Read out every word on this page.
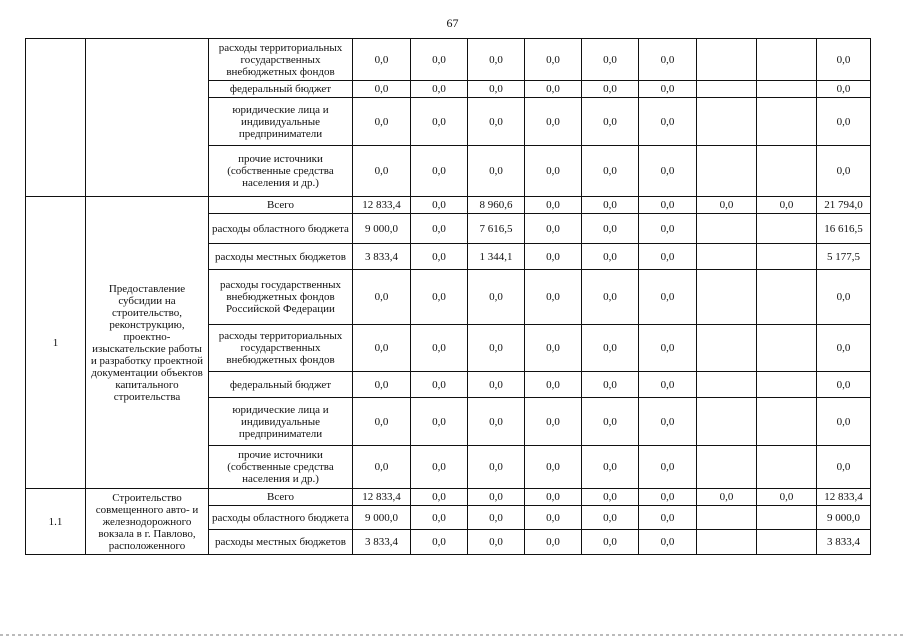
67
		расходы территориальных государственных внебюджетных фондов	0,0	0,0	0,0	0,0	0,0	0,0			0,0
		федеральный бюджет	0,0	0,0	0,0	0,0	0,0	0,0			0,0
		юридические лица и индивидуальные предприниматели	0,0	0,0	0,0	0,0	0,0	0,0			0,0
		прочие источники (собственные средства населения и др.)	0,0	0,0	0,0	0,0	0,0	0,0			0,0
1	Предоставление субсидии на строительство, реконструкцию, проектно-изыскательские работы и разработку проектной документации объектов капитального строительства	Всего	12 833,4	0,0	8 960,6	0,0	0,0	0,0	0,0	0,0	21 794,0
		расходы областного бюджета	9 000,0	0,0	7 616,5	0,0	0,0	0,0			16 616,5
		расходы местных бюджетов	3 833,4	0,0	1 344,1	0,0	0,0	0,0			5 177,5
		расходы государственных внебюджетных фондов Российской Федерации	0,0	0,0	0,0	0,0	0,0	0,0			0,0
		расходы территориальных государственных внебюджетных фондов	0,0	0,0	0,0	0,0	0,0	0,0			0,0
		федеральный бюджет	0,0	0,0	0,0	0,0	0,0	0,0			0,0
		юридические лица и индивидуальные предприниматели	0,0	0,0	0,0	0,0	0,0	0,0			0,0
		прочие источники (собственные средства населения и др.)	0,0	0,0	0,0	0,0	0,0	0,0			0,0
1.1	Строительство совмещенного авто- и железнодорожного вокзала в г. Павлово, расположенного	Всего	12 833,4	0,0	0,0	0,0	0,0	0,0	0,0	0,0	12 833,4
		расходы областного бюджета	9 000,0	0,0	0,0	0,0	0,0	0,0			9 000,0
		расходы местных бюджетов	3 833,4	0,0	0,0	0,0	0,0	0,0			3 833,4
